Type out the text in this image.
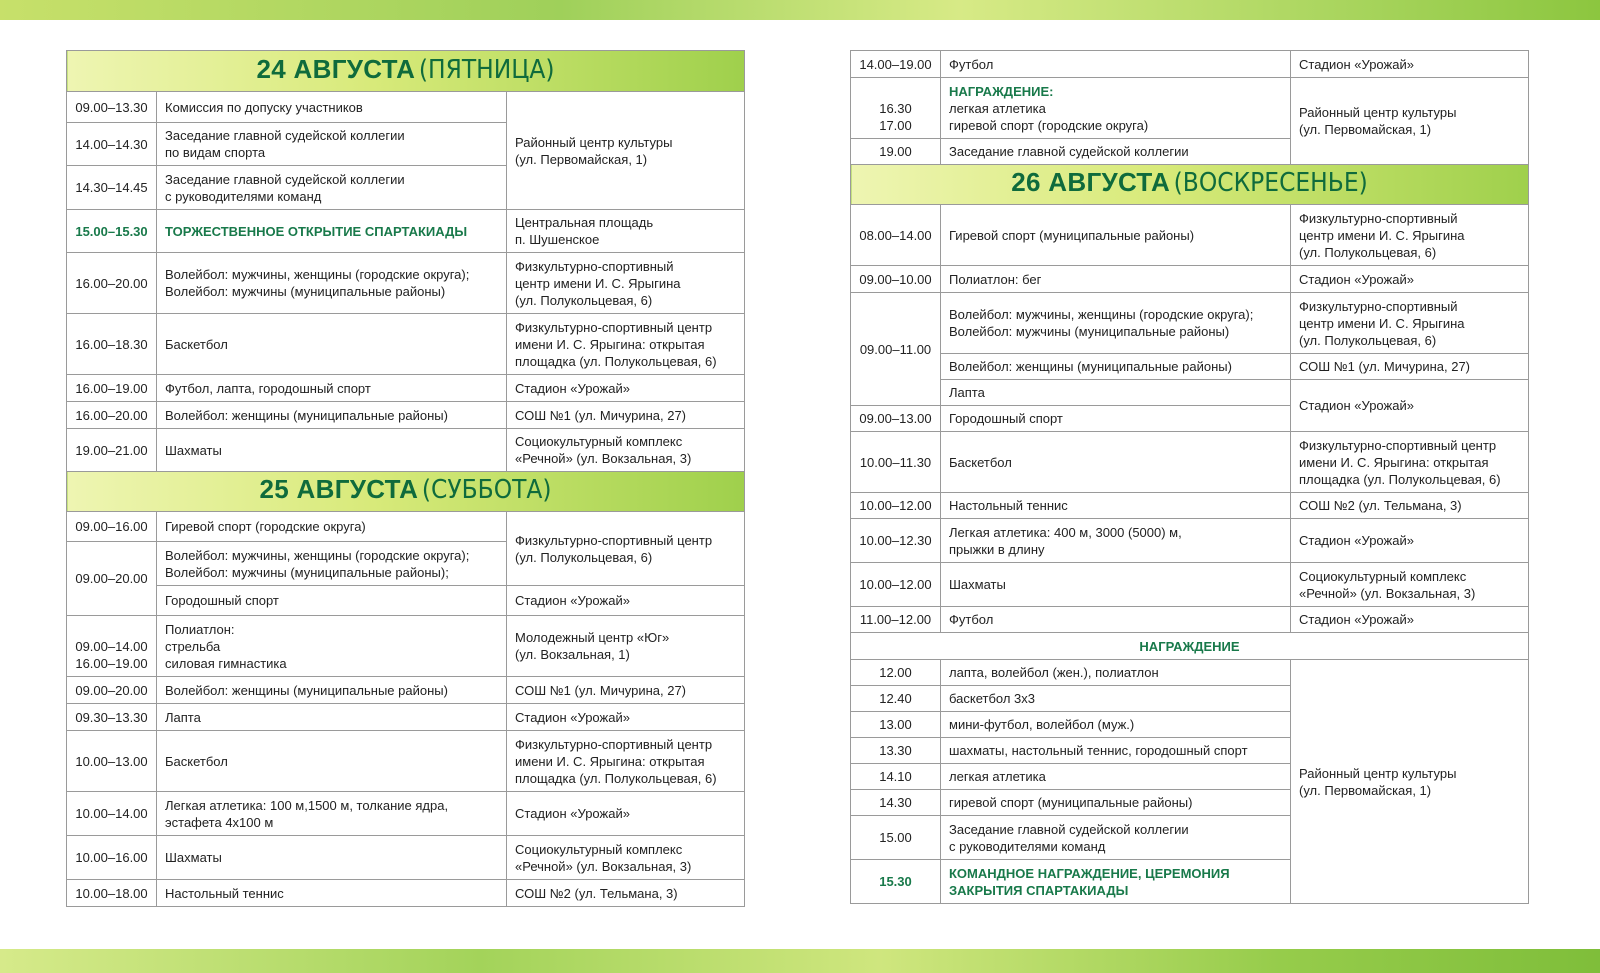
24 АВГУСТА (ПЯТНИЦА)		
09.00–13.30	Комиссия по допуску участников	Районный центр культуры
(ул. Первомайская, 1)

14.00–14.30	Заседание главной судейской коллегии
по видам спорта	

14.30–14.45	Заседание главной судейской коллегии
с руководителями команд	

15.00–15.30	ТОРЖЕСТВЕННОЕ ОТКРЫТИЕ СПАРТАКИАДЫ	Центральная площадь
п. Шушенское

16.00–20.00	Волейбол: мужчины, женщины (городские округа);
Волейбол: мужчины (муниципальные районы)	Физкультурно-спортивный
центр имени И. С. Ярыгина
(ул. Полукольцевая, 6)

16.00–18.30	Баскетбол	Физкультурно-спортивный центр
имени И. С. Ярыгина: открытая
площадка (ул. Полукольцевая, 6)

16.00–19.00	Футбол, лапта, городошный спорт	Стадион «Урожай»
16.00–20.00	Волейбол: женщины (муниципальные районы)	СОШ №1 (ул. Мичурина, 27)
19.00–21.00	Шахматы	Социокультурный комплекс
«Речной» (ул. Вокзальная, 3)

25 АВГУСТА (СУББОТА)		
09.00–16.00	Гиревой спорт (городские округа)	Физкультурно-спортивный центр
(ул. Полукольцевая, 6)

09.00–20.00	Волейбол: мужчины, женщины (городские округа);
Волейбол: мужчины (муниципальные районы);	

	Городошный спорт	Стадион «Урожай»

09.00–14.00
16.00–19.00	Полиатлон:
стрельба
силовая гимнастика	Молодежный центр «Юг»
(ул. Вокзальная, 1)

09.00–20.00	Волейбол: женщины (муниципальные районы)	СОШ №1 (ул. Мичурина, 27)
09.30–13.30	Лапта	Стадион «Урожай»
10.00–13.00	Баскетбол	Физкультурно-спортивный центр
имени И. С. Ярыгина: открытая
площадка (ул. Полукольцевая, 6)

10.00–14.00	Легкая атлетика: 100 м,1500 м, толкание ядра,
эстафета 4х100 м	Стадион «Урожай»
10.00–16.00	Шахматы	Социокультурный комплекс
«Речной» (ул. Вокзальная, 3)

10.00–18.00	Настольный теннис	СОШ №2 (ул. Тельмана, 3)
14.00–19.00	Футбол	Стадион «Урожай»

16.30
17.00	НАГРАЖДЕНИЕ:
легкая атлетика
гиревой спорт (городские округа)	Районный центр культуры
(ул. Первомайская, 1)

19.00	Заседание главной судейской коллегии	
26 АВГУСТА (ВОСКРЕСЕНЬЕ)		
08.00–14.00	Гиревой спорт (муниципальные районы)	Физкультурно-спортивный
центр имени И. С. Ярыгина
(ул. Полукольцевая, 6)

09.00–10.00	Полиатлон: бег	Стадион «Урожай»
09.00–11.00	Волейбол: мужчины, женщины (городские округа);
Волейбол: мужчины (муниципальные районы)	Физкультурно-спортивный
центр имени И. С. Ярыгина
(ул. Полукольцевая, 6)

	Волейбол: женщины (муниципальные районы)	СОШ №1 (ул. Мичурина, 27)
	Лапта	Стадион «Урожай»
09.00–13.00	Городошный спорт	
10.00–11.30	Баскетбол	Физкультурно-спортивный центр
имени И. С. Ярыгина: открытая
площадка (ул. Полукольцевая, 6)

10.00–12.00	Настольный теннис	СОШ №2 (ул. Тельмана, 3)
10.00–12.30	Легкая атлетика: 400 м, 3000 (5000) м,
прыжки в длину	Стадион «Урожай»
10.00–12.00	Шахматы	Социокультурный комплекс
«Речной» (ул. Вокзальная, 3)

11.00–12.00	Футбол	Стадион «Урожай»
НАГРАЖДЕНИЕ		
12.00	лапта, волейбол (жен.), полиатлон	Районный центр культуры
(ул. Первомайская, 1)

12.40	баскетбол 3х3	
13.00	мини-футбол, волейбол (муж.)	
13.30	шахматы, настольный теннис, городошный спорт	
14.10	легкая атлетика	
14.30	гиревой спорт (муниципальные районы)	
15.00	Заседание главной судейской коллегии
с руководителями команд	

15.30	КОМАНДНОЕ НАГРАЖДЕНИЕ, ЦЕРЕМОНИЯ
ЗАКРЫТИЯ СПАРТАКИАДЫ	
